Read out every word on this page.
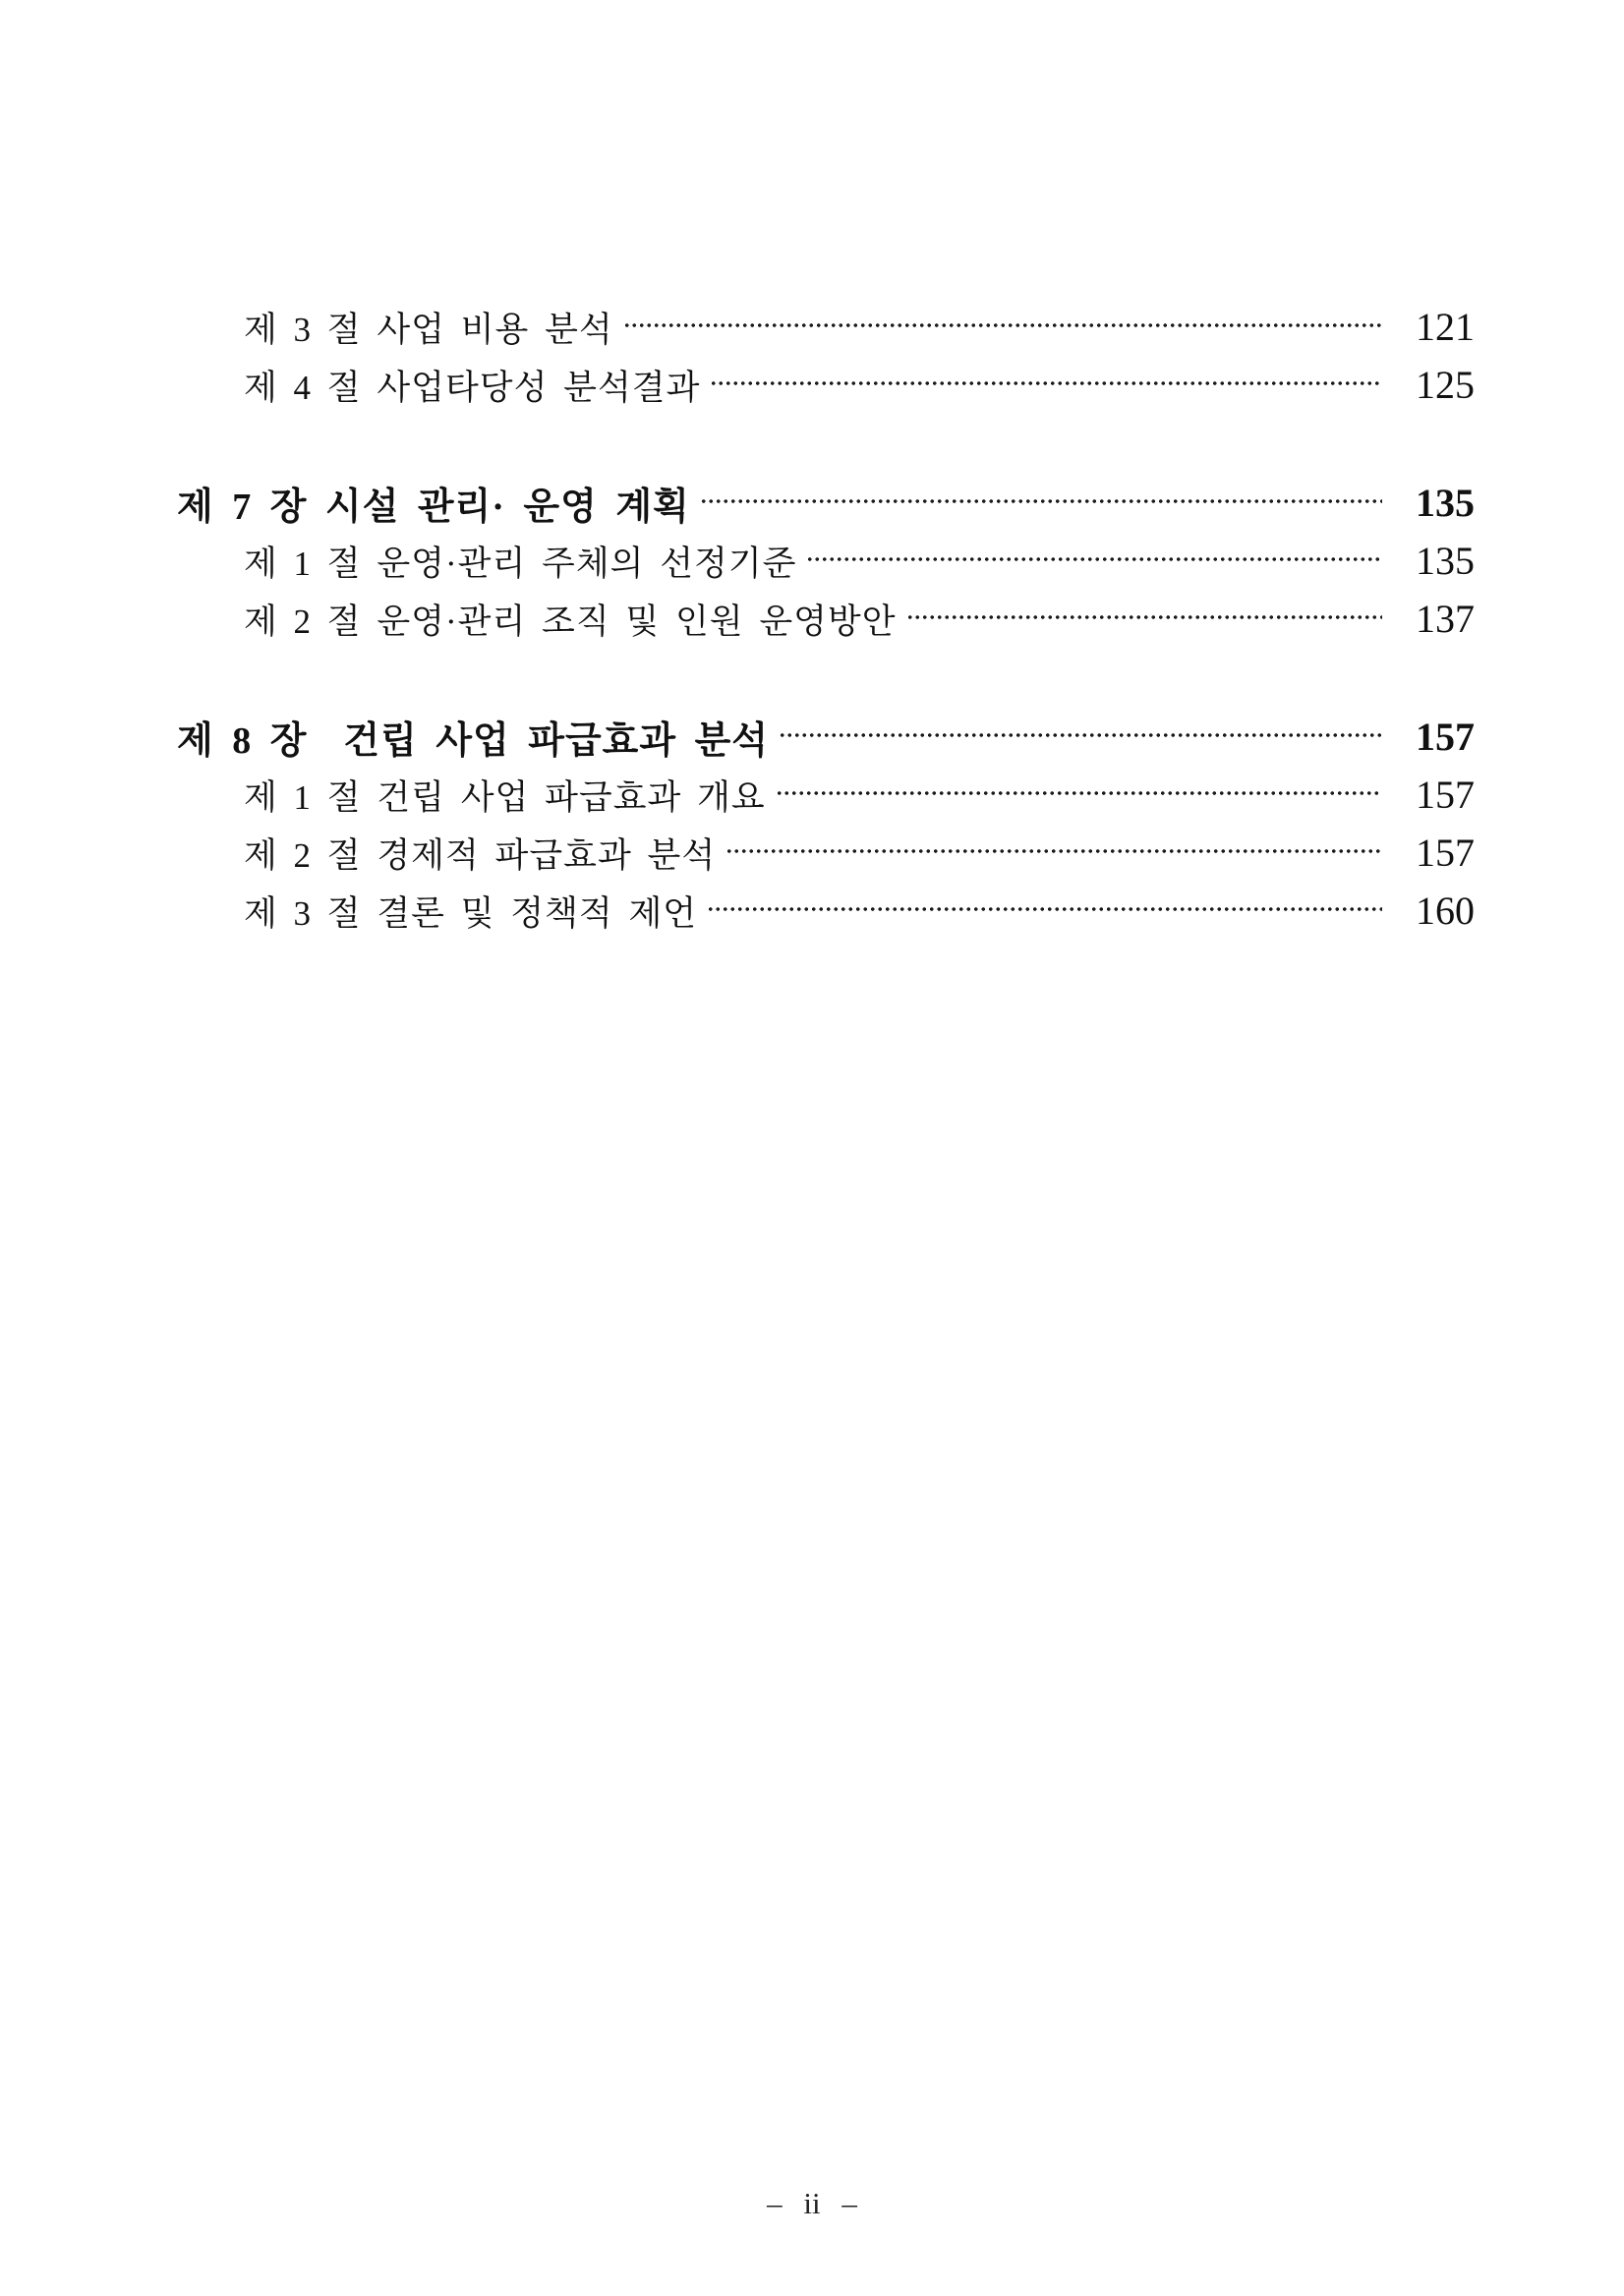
제 3 절 사업 비용 분석	121
제 4 절 사업타당성 분석결과	125
제 7 장 시설 관리· 운영 계획	135
제 1 절 운영·관리 주체의 선정기준	135
제 2 절 운영·관리 조직 및 인원 운영방안	137
제 8 장  건립 사업 파급효과 분석	157
제 1 절 건립 사업 파급효과 개요	157
제 2 절 경제적 파급효과 분석	157
제 3 절 결론 및 정책적 제언	160
– ii –
